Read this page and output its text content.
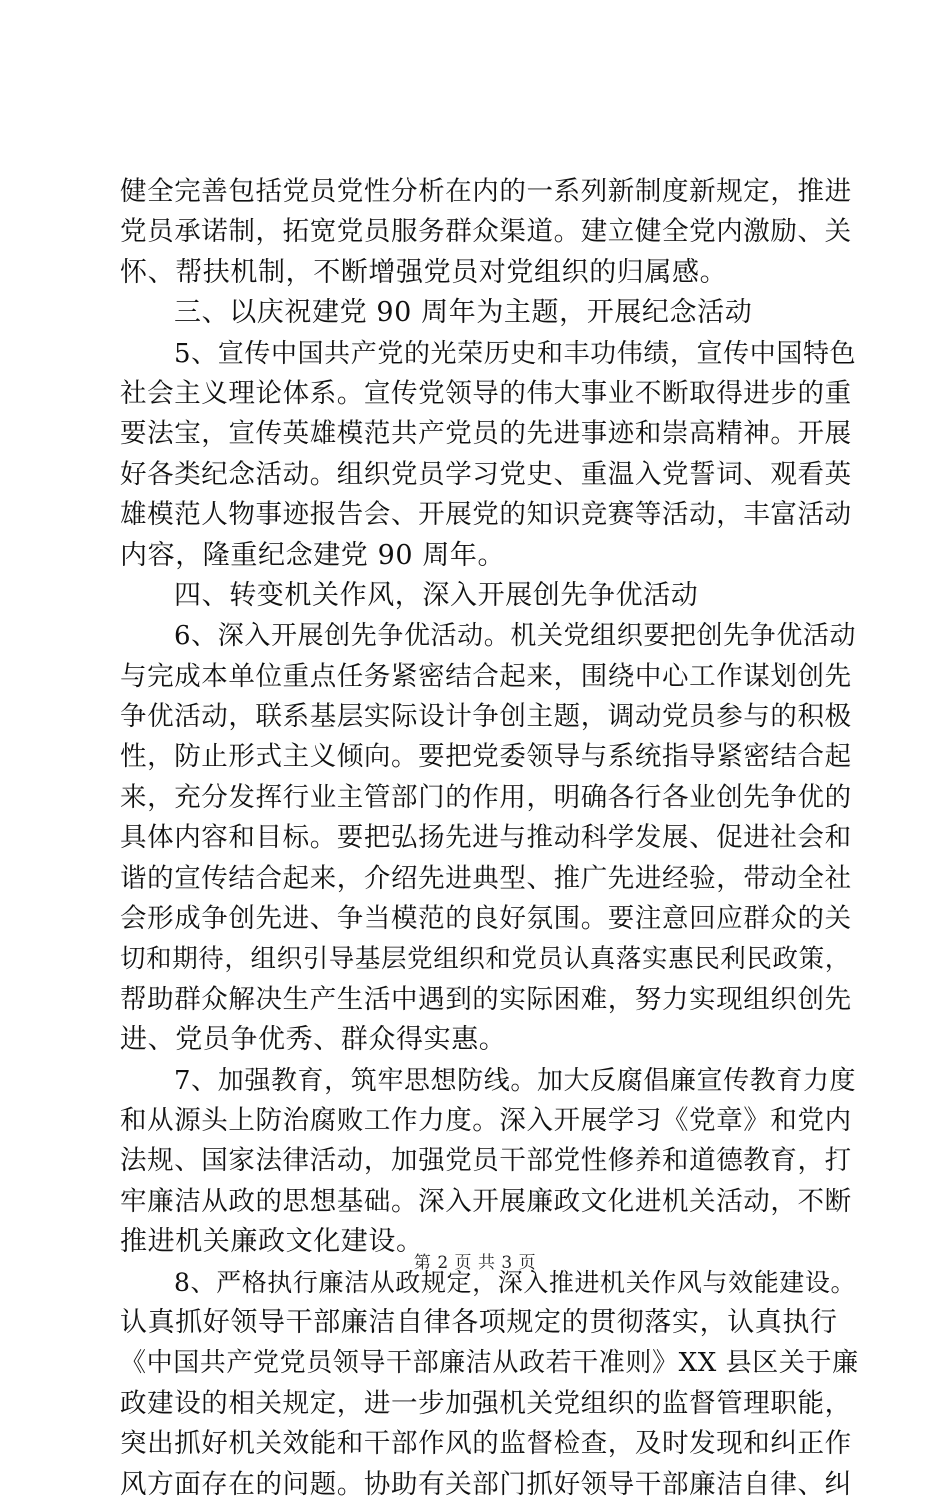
健全完善包括党员党性分析在内的一系列新制度新规定，推进
党员承诺制，拓宽党员服务群众渠道。建立健全党内激励、关
怀、帮扶机制，不断增强党员对党组织的归属感。
三、以庆祝建党 90 周年为主题，开展纪念活动
5、宣传中国共产党的光荣历史和丰功伟绩，宣传中国特色
社会主义理论体系。宣传党领导的伟大事业不断取得进步的重
要法宝，宣传英雄模范共产党员的先进事迹和崇高精神。开展
好各类纪念活动。组织党员学习党史、重温入党誓词、观看英
雄模范人物事迹报告会、开展党的知识竞赛等活动，丰富活动
内容，隆重纪念建党 90 周年。
四、转变机关作风，深入开展创先争优活动
6、深入开展创先争优活动。机关党组织要把创先争优活动
与完成本单位重点任务紧密结合起来，围绕中心工作谋划创先
争优活动，联系基层实际设计争创主题，调动党员参与的积极
性，防止形式主义倾向。要把党委领导与系统指导紧密结合起
来，充分发挥行业主管部门的作用，明确各行各业创先争优的
具体内容和目标。要把弘扬先进与推动科学发展、促进社会和
谐的宣传结合起来，介绍先进典型、推广先进经验，带动全社
会形成争创先进、争当模范的良好氛围。要注意回应群众的关
切和期待，组织引导基层党组织和党员认真落实惠民利民政策，
帮助群众解决生产生活中遇到的实际困难，努力实现组织创先
进、党员争优秀、群众得实惠。
7、加强教育，筑牢思想防线。加大反腐倡廉宣传教育力度
和从源头上防治腐败工作力度。深入开展学习《党章》和党内
法规、国家法律活动，加强党员干部党性修养和道德教育，打
牢廉洁从政的思想基础。深入开展廉政文化进机关活动，不断
推进机关廉政文化建设。
8、严格执行廉洁从政规定，深入推进机关作风与效能建设。
认真抓好领导干部廉洁自律各项规定的贯彻落实，认真执行
《中国共产党党员领导干部廉洁从政若干准则》XX 县区关于廉
政建设的相关规定，进一步加强机关党组织的监督管理职能，
突出抓好机关效能和干部作风的监督检查，及时发现和纠正作
风方面存在的问题。协助有关部门抓好领导干部廉洁自律、纠
第 2 页 共 3 页
